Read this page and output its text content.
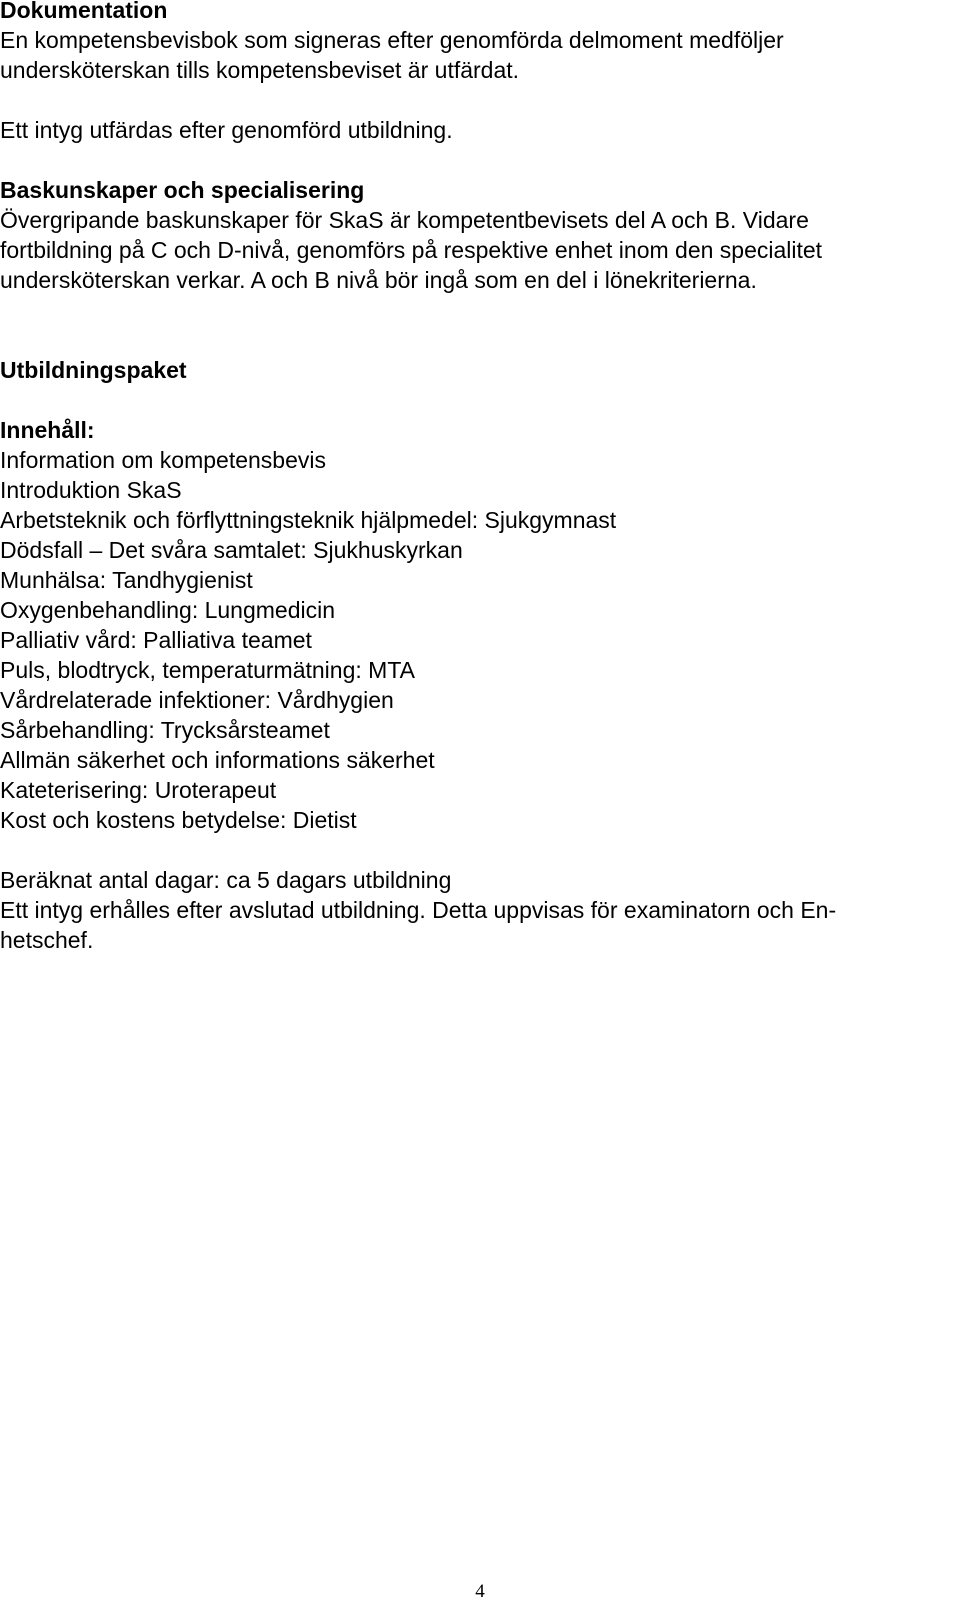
Dokumentation
En kompetensbevisbok som signeras efter genomförda delmoment medföljer
undersköterskan tills kompetensbeviset är utfärdat.
Ett intyg utfärdas efter genomförd utbildning.
Baskunskaper och specialisering
Övergripande baskunskaper för SkaS är kompetentbevisets del A och B. Vidare
fortbildning på C och D-nivå, genomförs på respektive enhet inom den specialitet
undersköterskan verkar. A och B nivå bör ingå som en del i lönekriterierna.
Utbildningspaket
Innehåll:
Information om kompetensbevis
Introduktion SkaS
Arbetsteknik och förflyttningsteknik hjälpmedel: Sjukgymnast
Dödsfall – Det svåra samtalet: Sjukhuskyrkan
Munhälsa: Tandhygienist
Oxygenbehandling: Lungmedicin
Palliativ vård: Palliativa teamet
Puls, blodtryck, temperaturmätning: MTA
Vårdrelaterade infektioner: Vårdhygien
Sårbehandling: Trycksårsteamet
Allmän säkerhet och informations säkerhet
Kateterisering: Uroterapeut
Kost och kostens betydelse: Dietist
Beräknat antal dagar: ca 5 dagars utbildning
Ett intyg erhålles efter avslutad utbildning. Detta uppvisas för examinatorn och En-
hetschef.
4
